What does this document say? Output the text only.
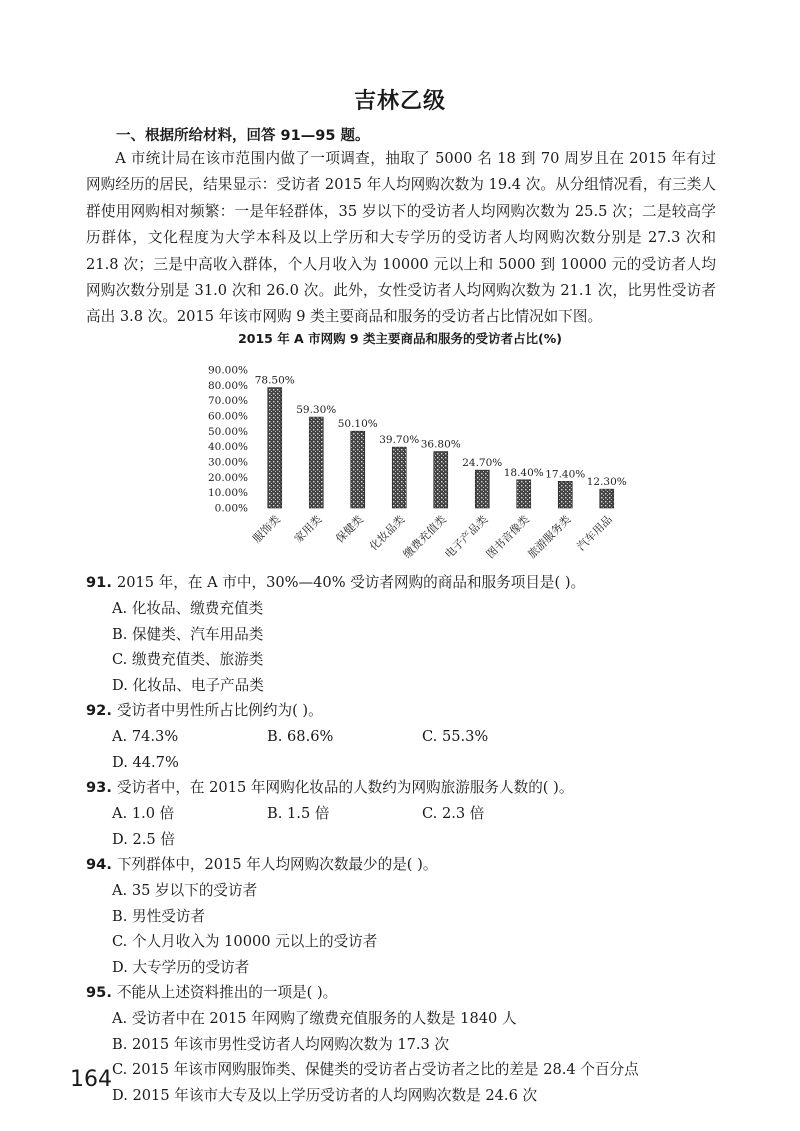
吉林乙级
一、根据所给材料，回答 91—95 题。

A 市统计局在该市范围内做了一项调查，抽取了 5000 名 18 到 70 周岁且在 2015 年有过网购经历的居民，结果显示：受访者 2015 年人均网购次数为 19.4 次。从分组情况看，有三类人群使用网购相对频繁：一是年轻群体，35 岁以下的受访者人均网购次数为 25.5 次；二是较高学历群体，文化程度为大学本科及以上学历和大专学历的受访者人均网购次数分别是 27.3 次和 21.8 次；三是中高收入群体，个人月收入为 10000 元以上和 5000 到 10000 元的受访者人均网购次数分别是 31.0 次和 26.0 次。此外，女性受访者人均网购次数为 21.1 次，比男性受访者高出 3.8 次。2015 年该市网购 9 类主要商品和服务的受访者占比情况如下图。

2015 年 A 市网购 9 类主要商品和服务的受访者占比(%)
0.00%
10.00%
20.00%
30.00%
40.00%
50.00%
60.00%
70.00%
80.00%
90.00%
78.50%
服饰类
59.30%
家用类
50.10%
保健类
39.70%
化妆品类
36.80%
缴费充值类
24.70%
电子产品类
18.40%
图书音像类
17.40%
旅游服务类
12.30%
汽车用品
91 . 2015 年，在 A 市中，30%—40% 受访者网购的商品和服务项目是( )。
A . 化妆品、缴费充值类
B . 保健类、汽车用品类
C . 缴费充值类、旅游类
D . 化妆品、电子产品类
92 . 受访者中男性所占比例约为( )。
A . 74.3%	B . 68.6%	C . 55.3%
D . 44.7%
93 . 受访者中，在 2015 年网购化妆品的人数约为网购旅游服务人数的( )。
A . 1.0 倍	B . 1.5 倍	C . 2.3 倍
D . 2.5 倍
94 . 下列群体中，2015 年人均网购次数最少的是( )。
A . 35 岁以下的受访者
B . 男性受访者
C . 个人月收入为 10000 元以上的受访者
D . 大专学历的受访者
95 . 不能从上述资料推出的一项是( )。
A . 受访者中在 2015 年网购了缴费充值服务的人数是 1840 人
B . 2015 年该市男性受访者人均网购次数为 17.3 次
C . 2015 年该市网购服饰类、保健类的受访者占受访者之比的差是 28.4 个百分点
D . 2015 年该市大专及以上学历受访者的人均网购次数是 24.6 次
164
